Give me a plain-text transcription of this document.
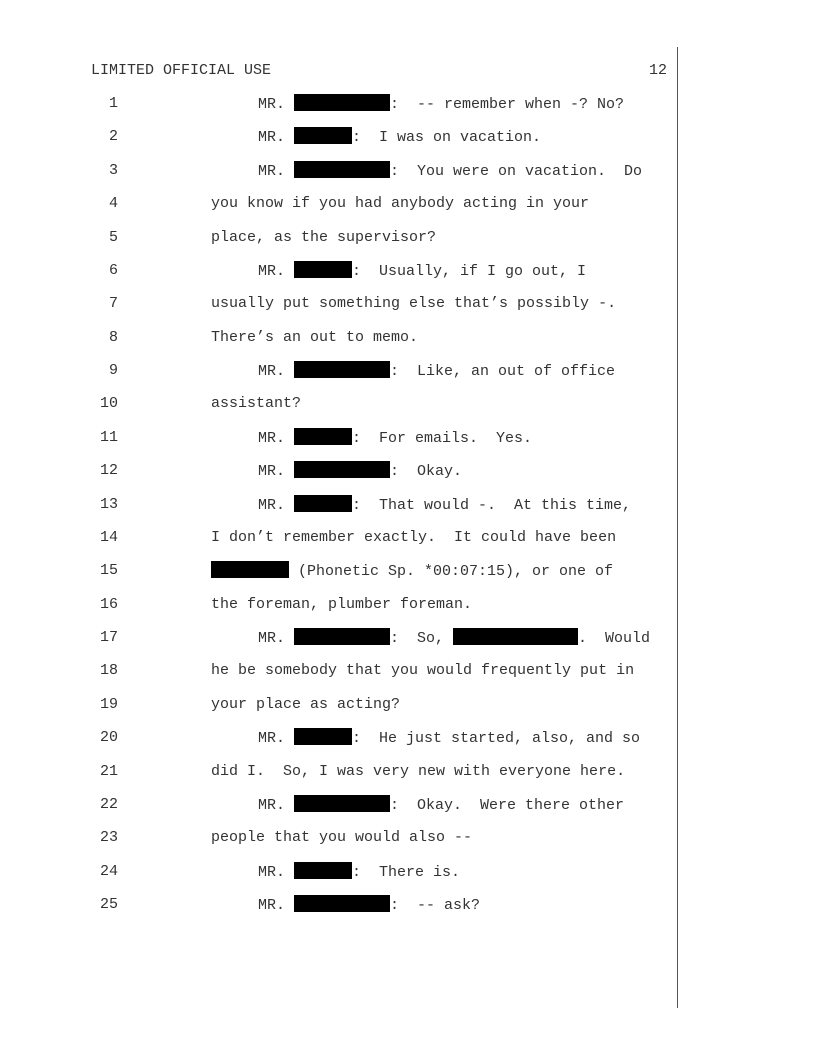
LIMITED OFFICIAL USE	12
1	MR.	:  -- remember when -? No?
2	MR.	:  I was on vacation.
3	MR.	:  You were on vacation.  Do
4	you know if you had anybody acting in your
5	place, as the supervisor?
6	MR.	:  Usually, if I go out, I
7	usually put something else that’s possibly -.
8	There’s an out to memo.
9	MR.	:  Like, an out of office
10	assistant?
11	MR.	:  For emails.  Yes.
12	MR.	:  Okay.
13	MR.	:  That would -.  At this time,
14	I don’t remember exactly.  It could have been
15	(Phonetic Sp. *00:07:15), or one of
16	the foreman, plumber foreman.
17	MR.	:  So,	.  Would
18	he be somebody that you would frequently put in
19	your place as acting?
20	MR.	:  He just started, also, and so
21	did I.  So, I was very new with everyone here.
22	MR.	:  Okay.  Were there other
23	people that you would also --
24	MR.	:  There is.
25	MR.	:  -- ask?
